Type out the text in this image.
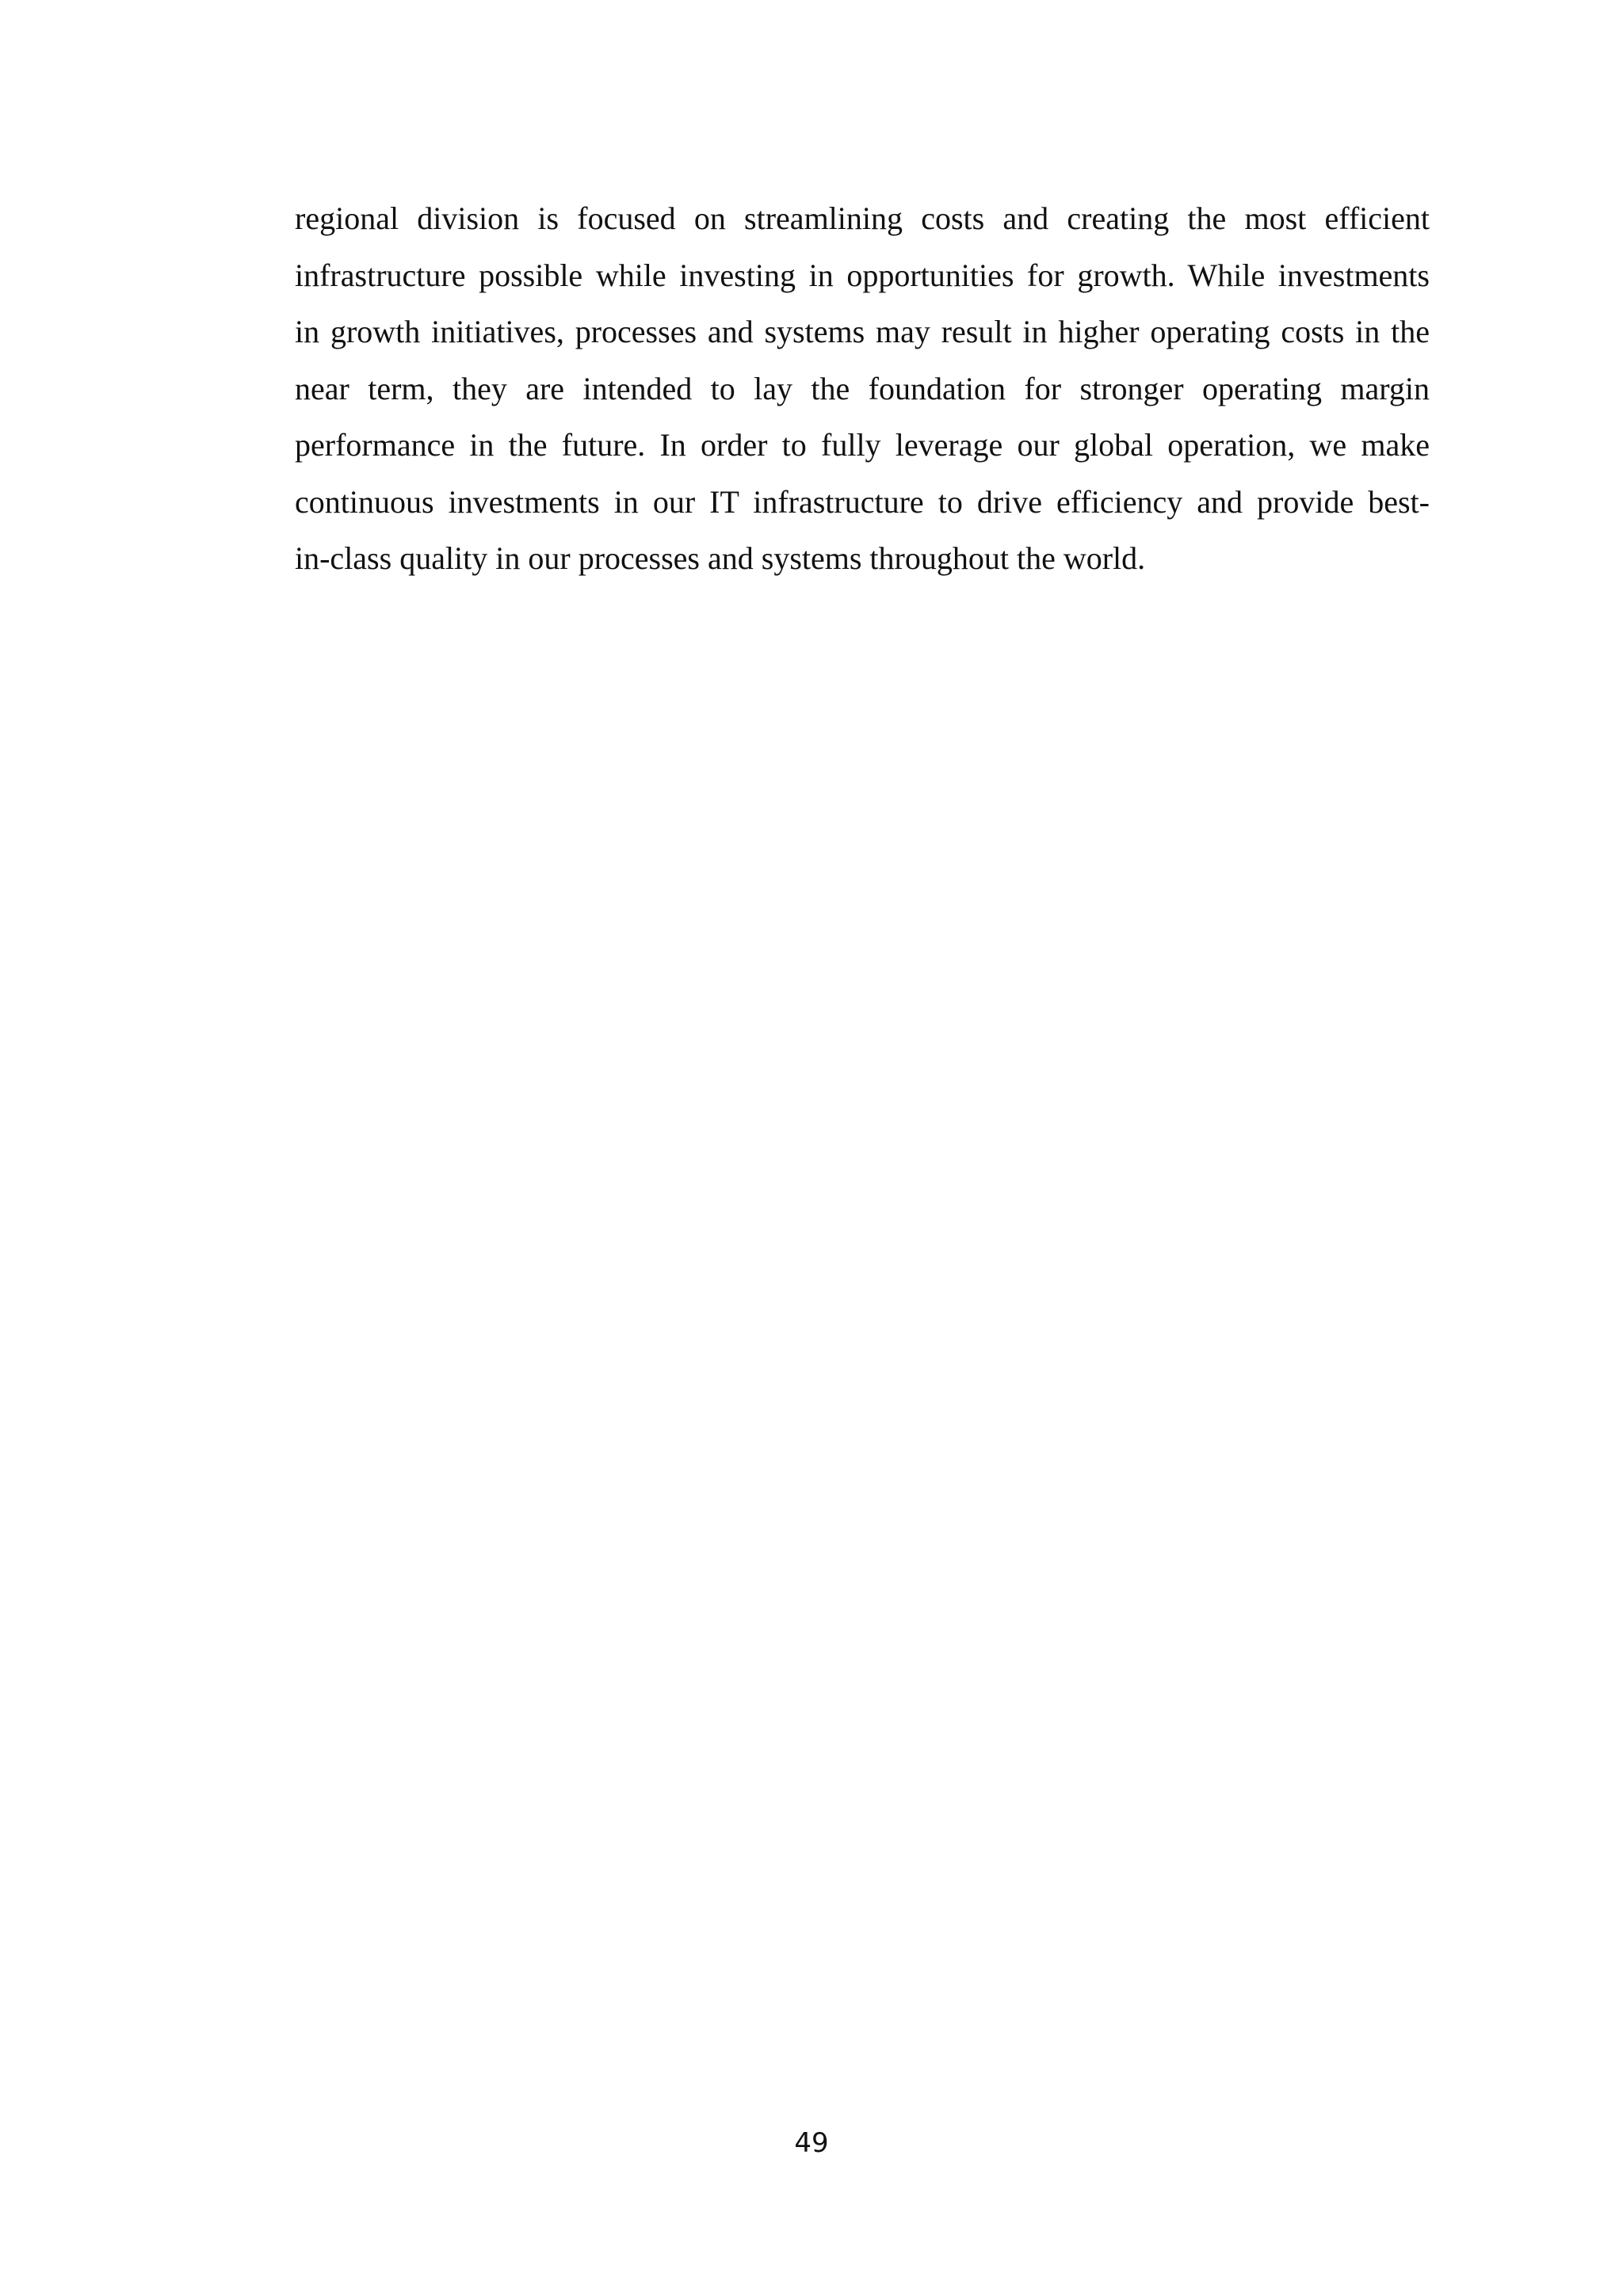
regional division is focused on streamlining costs and creating the most efficient
infrastructure possible while investing in opportunities for growth. While investments
in growth initiatives, processes and systems may result in higher operating costs in the
near term, they are intended to lay the foundation for stronger operating margin
performance in the future. In order to fully leverage our global operation, we make
continuous investments in our IT infrastructure to drive efficiency and provide best-
in-class quality in our processes and systems throughout the world.

49
